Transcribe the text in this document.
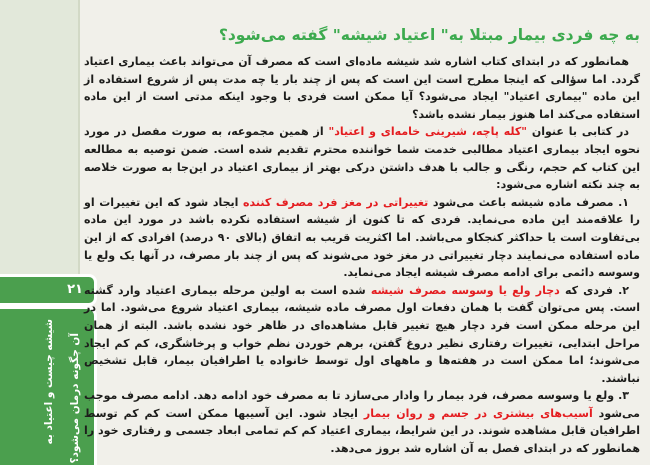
۲۱
شیشه چیست و اعتیاد به	آن چگونه درمان می‌شود؟
به چه فردی بیمار مبتلا به" اعتیاد شیشه" گفته می‌شود؟

همانطور که در ابتدای کتاب اشاره شد شیشه ماده‌ای است که مصرف آن می‌تواند باعث بیماری اعتیاد گردد. اما سؤالی که اینجا مطرح است این است که پس از چند بار یا چه مدت پس از شروع استفاده از این ماده "بیماری اعتیاد" ایجاد می‌شود؟ آیا ممکن است فردی با وجود اینکه مدتی است از این ماده استفاده می‌کند اما هنوز بیمار نشده باشد؟

در کتابی با عنوان "کله پاچه، شیرینی خامه‌ای و اعتیاد" از همین مجموعه، به صورت مفصل در مورد نحوه ایجاد بیماری اعتیاد مطالبی خدمت شما خواننده محترم تقدیم شده است. ضمن توصیه به مطالعه این کتاب کم حجم، رنگی و جالب با هدف داشتن درکی بهتر از بیماری اعتیاد در این‌جا به صورت خلاصه به چند نکته اشاره می‌شود:

۱. مصرف ماده شیشه باعث می‌شود تغییراتی در مغز فرد مصرف کننده ایجاد شود که این تغییرات او را علاقه‌مند این ماده می‌نماید. فردی که تا کنون از شیشه استفاده نکرده باشد در مورد این ماده بی‌تفاوت است یا حداکثر کنجکاو می‌باشد. اما اکثریت قریب به اتفاق (بالای ۹۰ درصد) افرادی که از این ماده استفاده می‌نمایند دچار تغییراتی در مغز خود می‌شوند که پس از چند بار مصرف، در آنها یک ولع یا وسوسه دائمی برای ادامه مصرف شیشه ایجاد می‌نماید.

۲. فردی که دچار ولع یا وسوسه مصرف شیشه شده است به اولین مرحله بیماری اعتیاد وارد گشته است. پس می‌توان گفت با همان دفعات اول مصرف ماده شیشه، بیماری اعتیاد شروع می‌شود. اما در این مرحله ممکن است فرد دچار هیچ تغییر قابل مشاهده‌ای در ظاهر خود نشده باشد. البته از همان مراحل ابتدایی، تغییرات رفتاری نظیر دروغ گفتن، برهم خوردن نظم خواب و پرخاشگری، کم کم ایجاد می‌شوند؛ اما ممکن است در هفته‌ها و ماههای اول توسط خانواده یا اطرافیان بیمار، قابل تشخیص نباشند.

۳. ولع یا وسوسه مصرف، فرد بیمار را وادار می‌سازد تا به مصرف خود ادامه دهد. ادامه مصرف موجب می‌شود آسیب‌های بیشتری در جسم و روان بیمار ایجاد شود. این آسیبها ممکن است کم کم توسط اطرافیان قابل مشاهده شوند. در این شرایط، بیماری اعتیاد کم کم تمامی ابعاد جسمی و رفتاری خود را همانطور که در ابتدای فصل به آن اشاره شد بروز می‌دهد.
